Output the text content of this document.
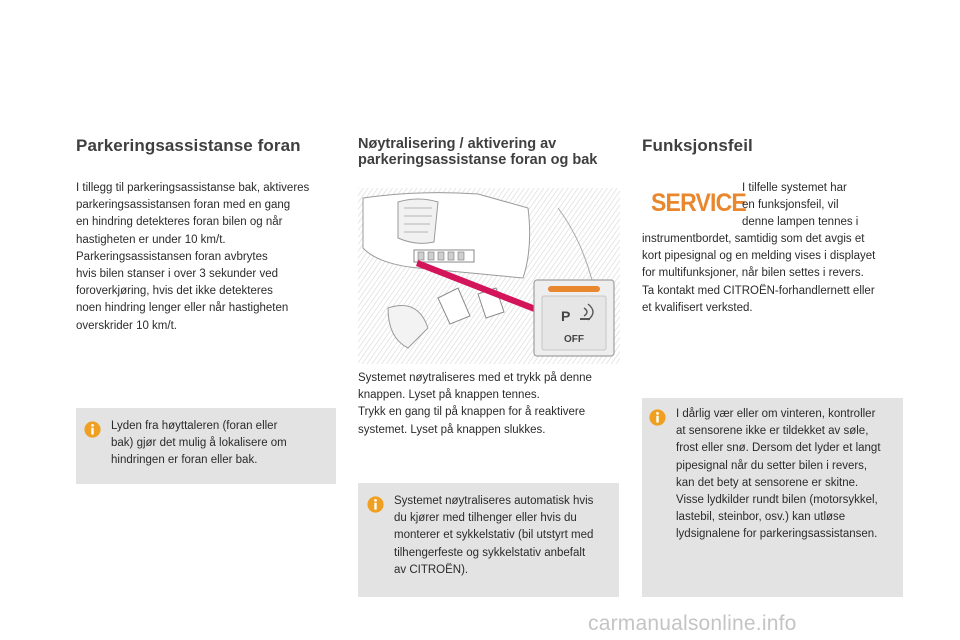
Parkeringsassistanse foran
I tillegg til parkeringsassistanse bak, aktiveres
parkeringsassistansen foran med en gang
en hindring detekteres foran bilen og når
hastigheten er under 10 km/t.
Parkeringsassistansen foran avbrytes
hvis bilen stanser i over 3 sekunder ved
foroverkjøring, hvis det ikke detekteres
noen hindring lenger eller når hastigheten
overskrider 10 km/t.
Lyden fra høyttaleren (foran eller
bak) gjør det mulig å lokalisere om
hindringen er foran eller bak.
Nøytralisering / aktivering av
parkeringsassistanse foran og bak
P
OFF
Systemet nøytraliseres med et trykk på denne
knappen. Lyset på knappen tennes.
Trykk en gang til på knappen for å reaktivere
systemet. Lyset på knappen slukkes.
Systemet nøytraliseres automatisk hvis
du kjører med tilhenger eller hvis du
monterer et sykkelstativ (bil utstyrt med
tilhengerfeste og sykkelstativ anbefalt
av CITROËN).
Funksjonsfeil
SERVICE
I tilfelle systemet har
en funksjonsfeil, vil
denne lampen tennes i
instrumentbordet, samtidig som det avgis et
kort pipesignal og en melding vises i displayet
for multifunksjoner, når bilen settes i revers.
Ta kontakt med CITROËN-forhandlernett eller
et kvalifisert verksted.
I dårlig vær eller om vinteren, kontroller
at sensorene ikke er tildekket av søle,
frost eller snø. Dersom det lyder et langt
pipesignal når du setter bilen i revers,
kan det bety at sensorene er skitne.
Visse lydkilder rundt bilen (motorsykkel,
lastebil, steinbor, osv.) kan utløse
lydsignalene for parkeringsassistansen.
carmanualsonline.info
